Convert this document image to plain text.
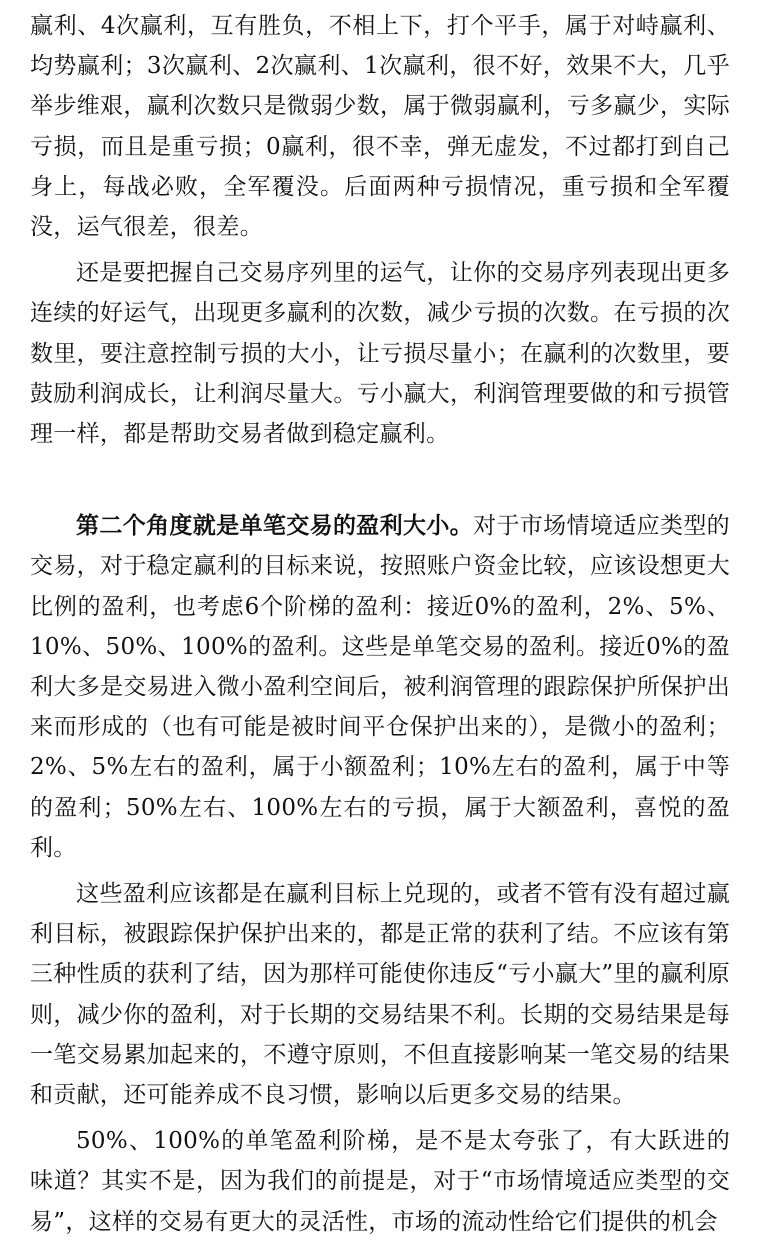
赢利、4次赢利，互有胜负，不相上下，打个平手，属于对峙赢利、均势赢利；3次赢利、2次赢利、1次赢利，很不好，效果不大，几乎举步维艰，赢利次数只是微弱少数，属于微弱赢利，亏多赢少，实际亏损，而且是重亏损；0赢利，很不幸，弹无虚发，不过都打到自己身上，每战必败，全军覆没。后面两种亏损情况，重亏损和全军覆没，运气很差，很差。

还是要把握自己交易序列里的运气，让你的交易序列表现出更多连续的好运气，出现更多赢利的次数，减少亏损的次数。在亏损的次数里，要注意控制亏损的大小，让亏损尽量小；在赢利的次数里，要鼓励利润成长，让利润尽量大。亏小赢大，利润管理要做的和亏损管理一样，都是帮助交易者做到稳定赢利。

第二个角度就是单笔交易的盈利大小。对于市场情境适应类型的交易，对于稳定赢利的目标来说，按照账户资金比较，应该设想更大比例的盈利，也考虑6个阶梯的盈利：接近0%的盈利，2%、5%、10%、50%、100%的盈利。这些是单笔交易的盈利。接近0%的盈利大多是交易进入微小盈利空间后，被利润管理的跟踪保护所保护出来而形成的（也有可能是被时间平仓保护出来的），是微小的盈利；2%、5%左右的盈利，属于小额盈利；10%左右的盈利，属于中等的盈利；50%左右、100%左右的亏损，属于大额盈利，喜悦的盈利。

这些盈利应该都是在赢利目标上兑现的，或者不管有没有超过赢利目标，被跟踪保护保护出来的，都是正常的获利了结。不应该有第三种性质的获利了结，因为那样可能使你违反“亏小赢大”里的赢利原则，减少你的盈利，对于长期的交易结果不利。长期的交易结果是每一笔交易累加起来的，不遵守原则，不但直接影响某一笔交易的结果和贡献，还可能养成不良习惯，影响以后更多交易的结果。

50%、100%的单笔盈利阶梯，是不是太夸张了，有大跃进的味道？其实不是，因为我们的前提是，对于“市场情境适应类型的交易”，这样的交易有更大的灵活性，市场的流动性给它们提供的机会
